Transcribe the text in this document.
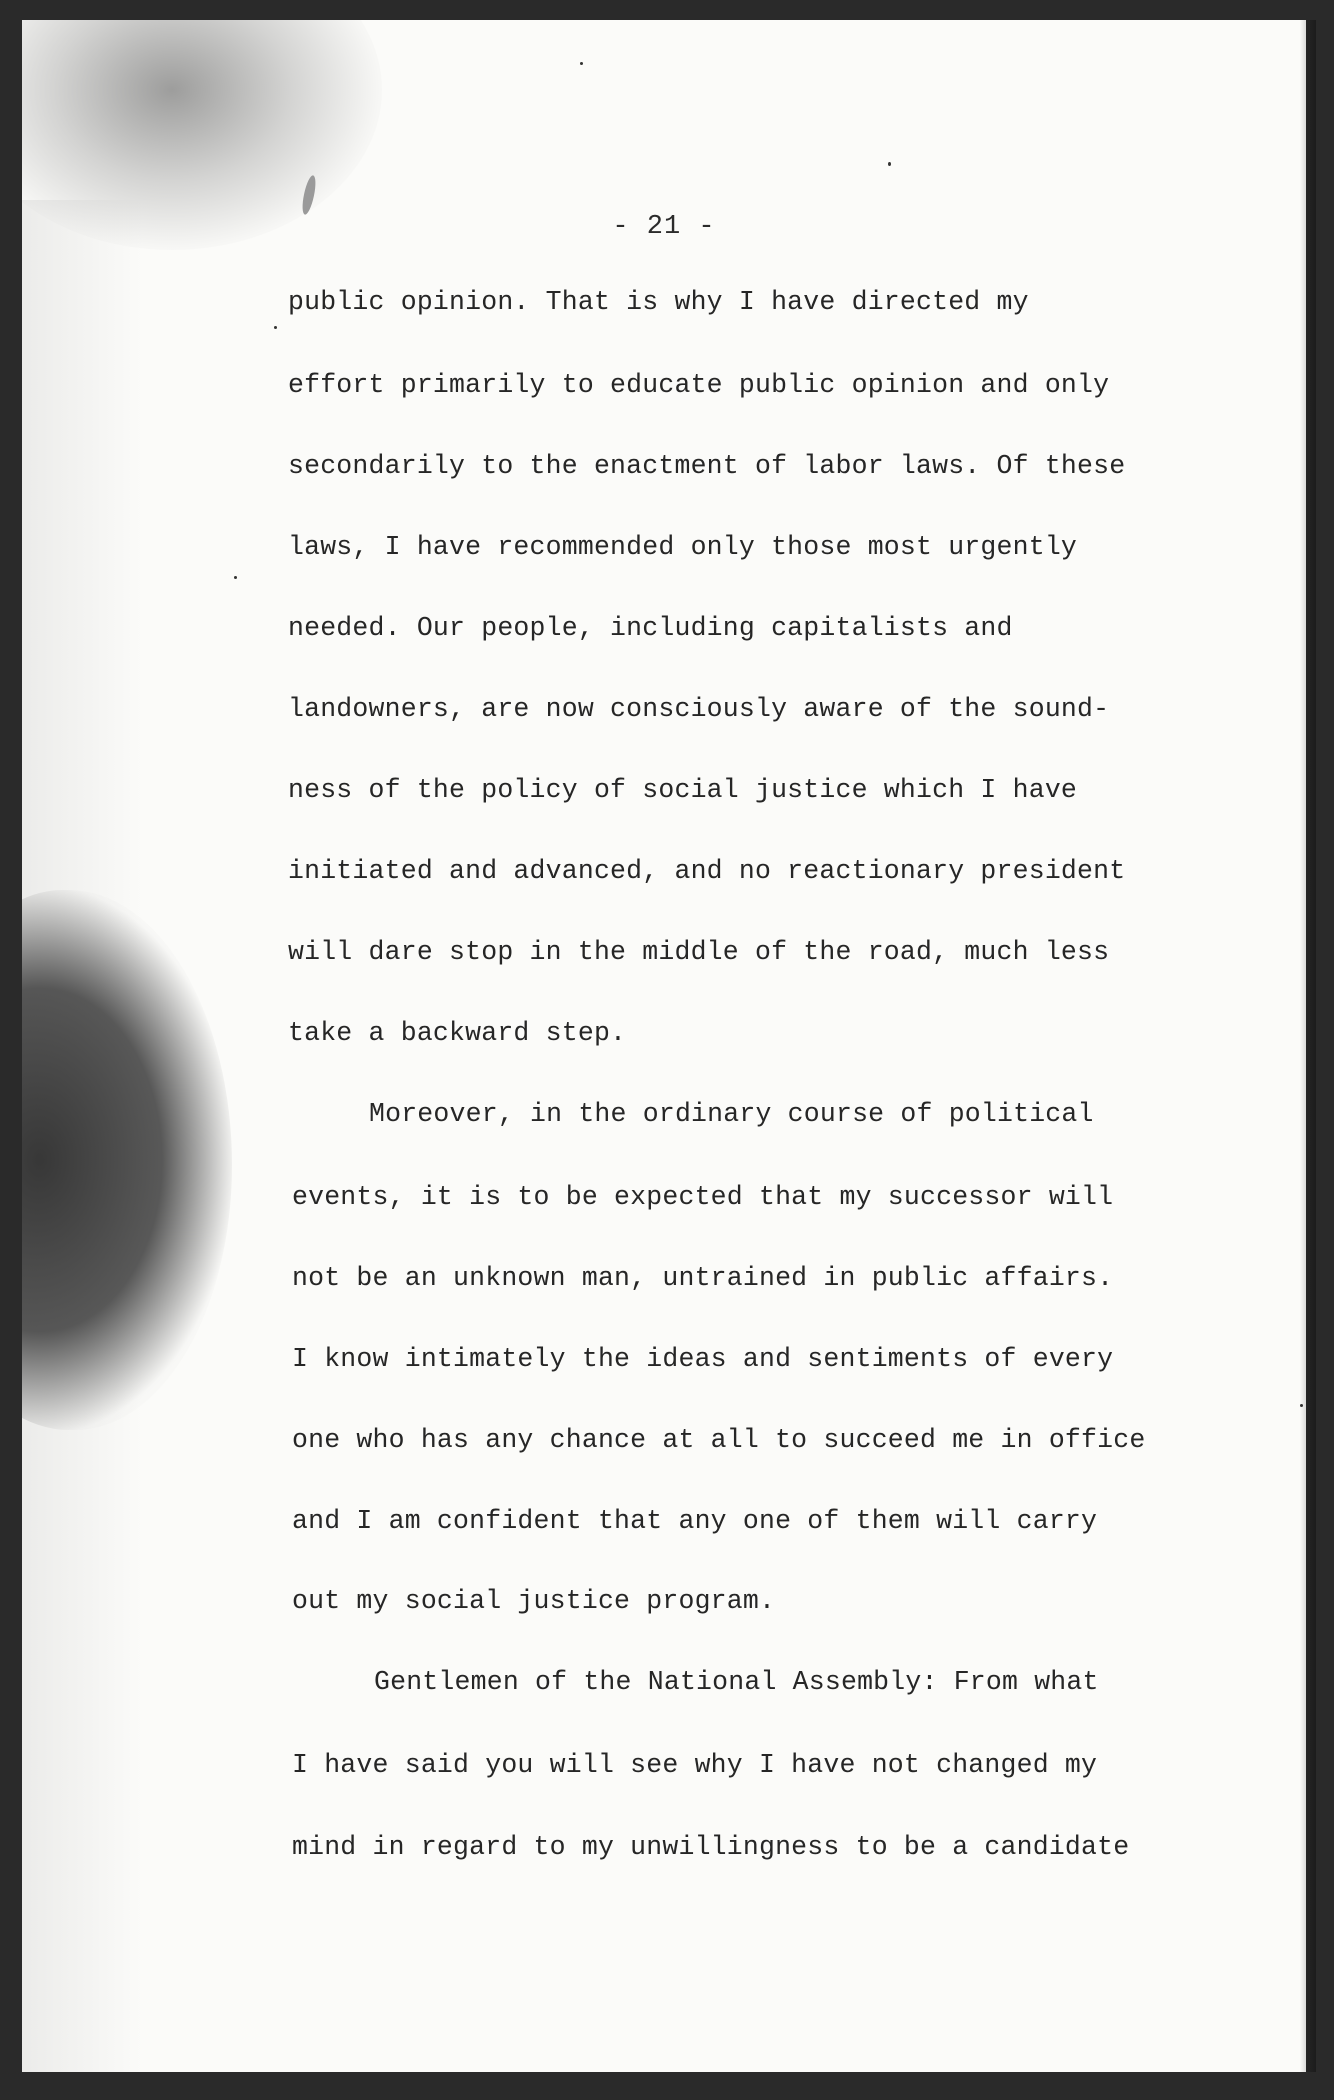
- 21 -
public opinion. That is why I have directed my
effort primarily to educate public opinion and only
secondarily to the enactment of labor laws. Of these
laws, I have recommended only those most urgently
needed. Our people, including capitalists and
landowners, are now consciously aware of the sound-
ness of the policy of social justice which I have
initiated and advanced, and no reactionary president
will dare stop in the middle of the road, much less
take a backward step.
Moreover, in the ordinary course of political
events, it is to be expected that my successor will
not be an unknown man, untrained in public affairs.
I know intimately the ideas and sentiments of every
one who has any chance at all to succeed me in office
and I am confident that any one of them will carry
out my social justice program.
Gentlemen of the National Assembly: From what
I have said you will see why I have not changed my
mind in regard to my unwillingness to be a candidate
